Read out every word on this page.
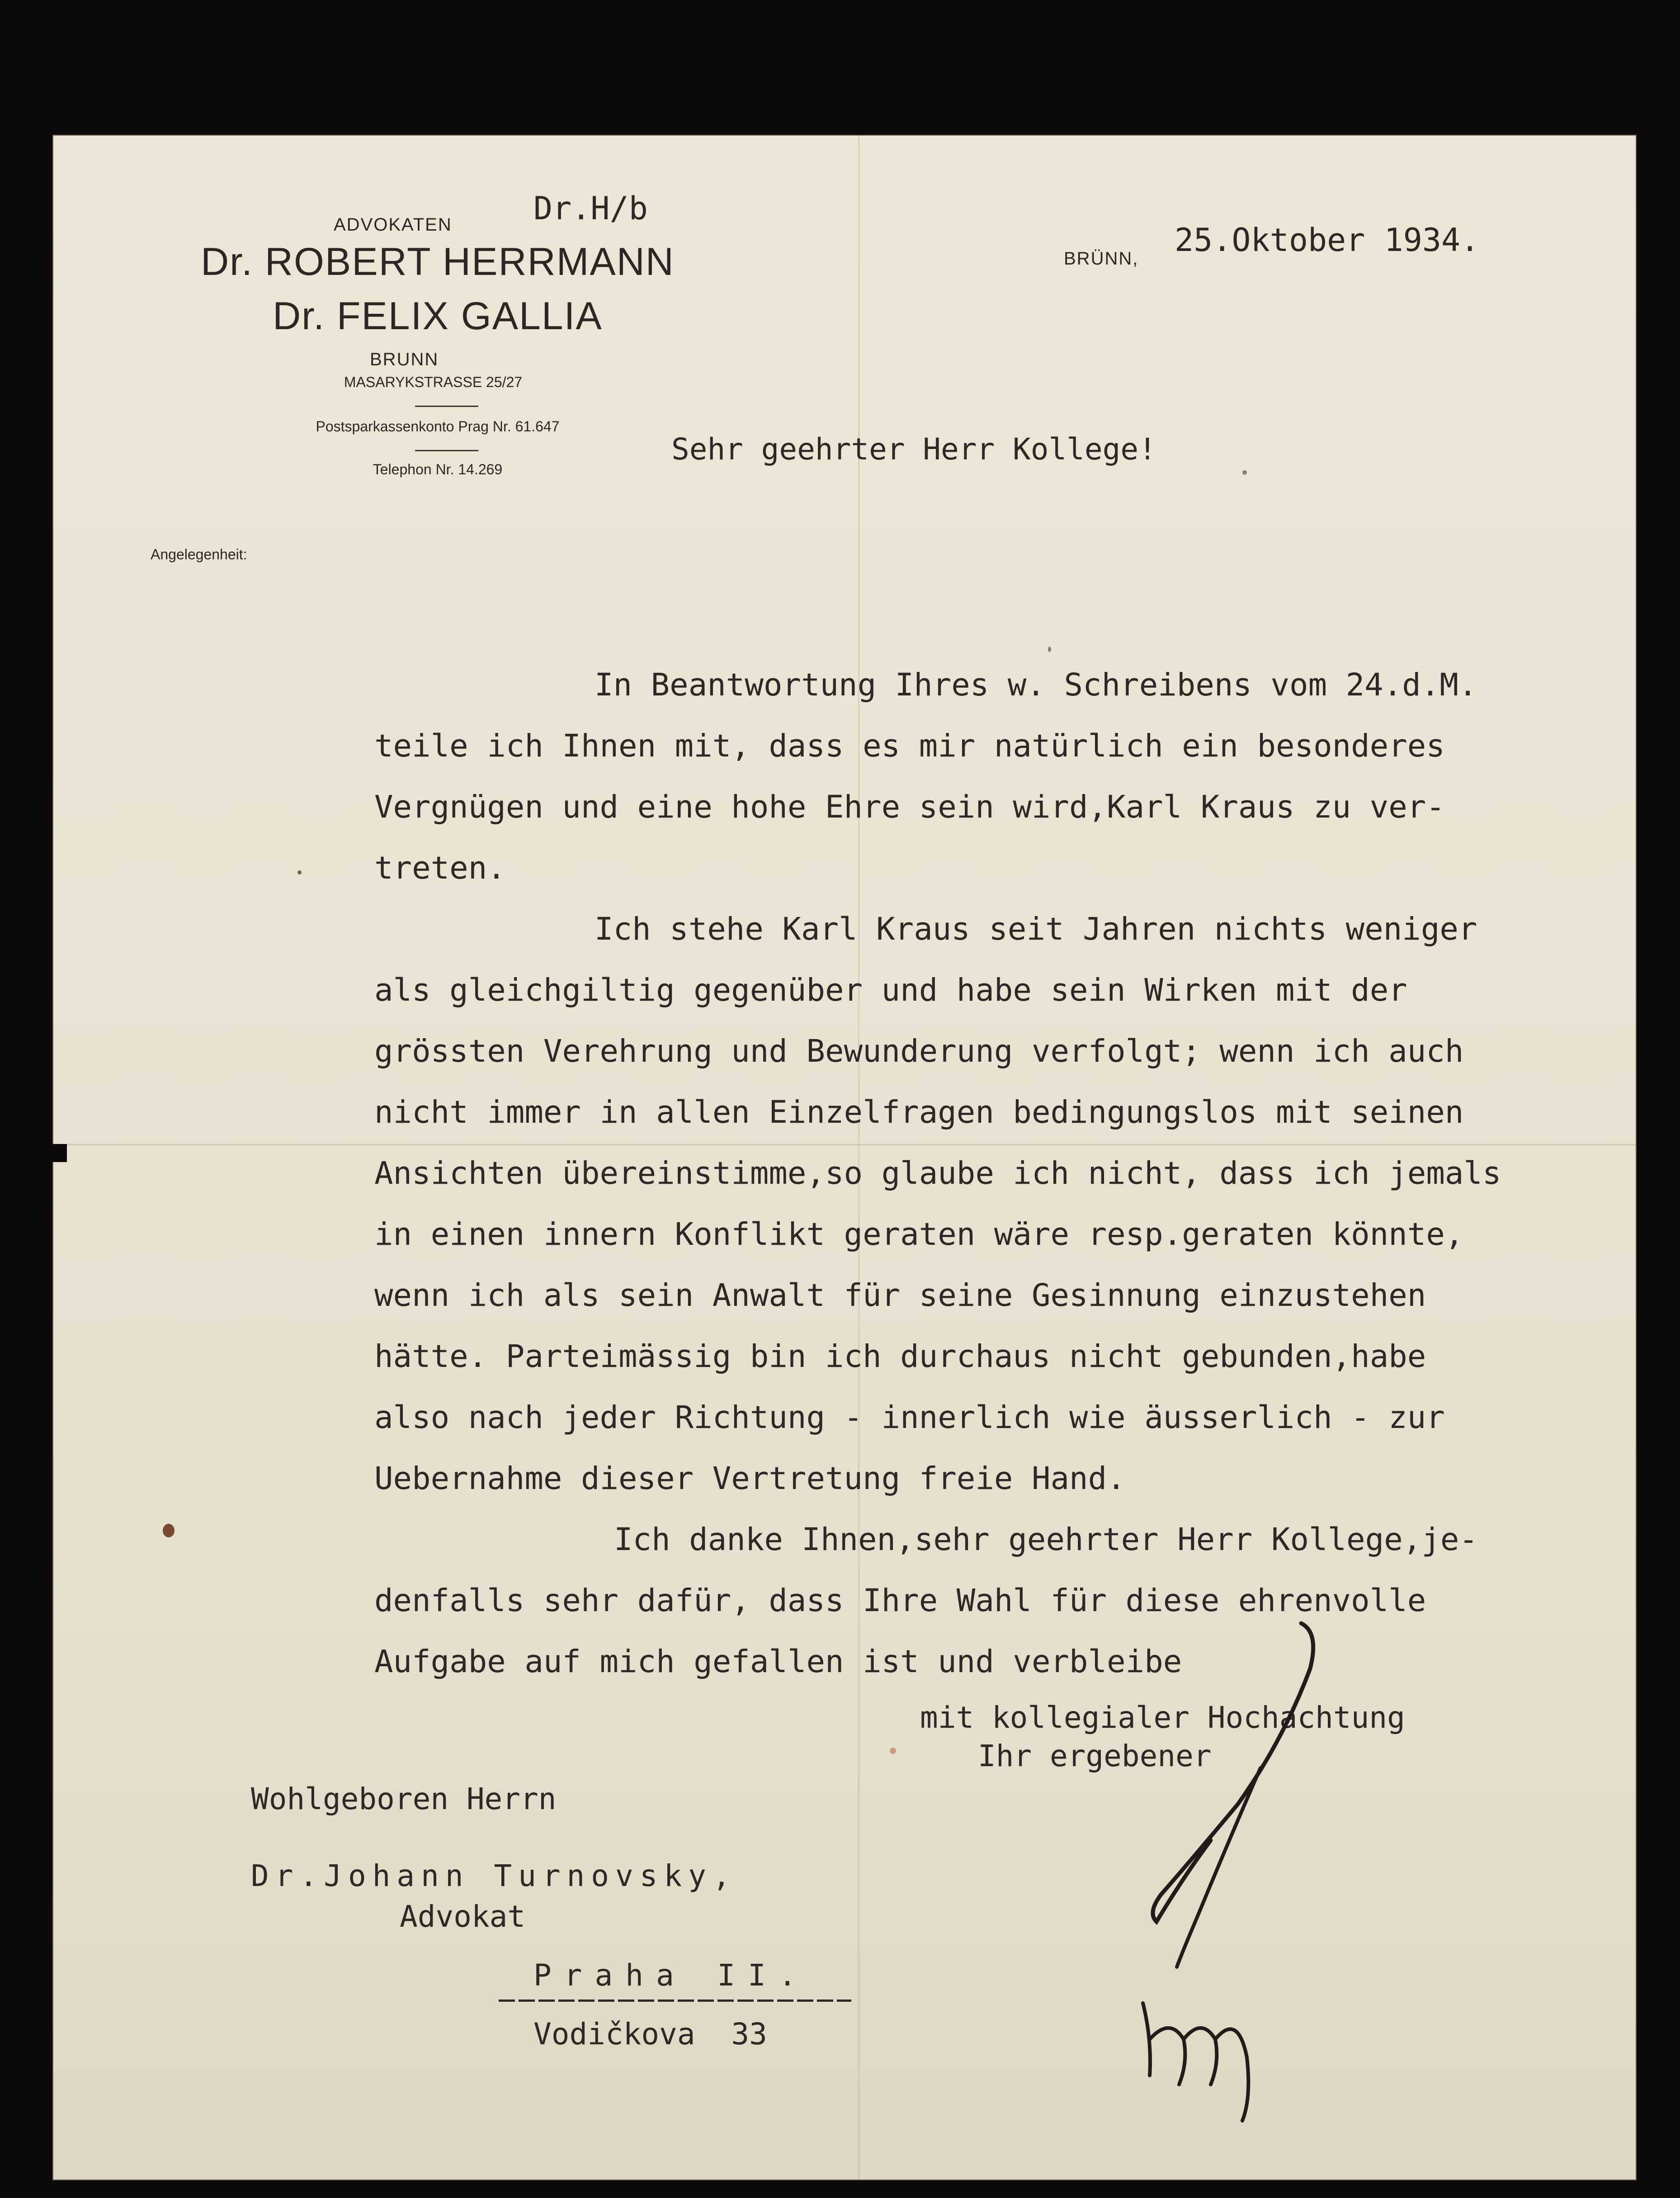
ADVOKATEN
Dr. ROBERT HERRMANN
Dr. FELIX GALLIA
BRUNN
MASARYKSTRASSE 25/27
Postsparkassenkonto Prag Nr. 61.647
Telephon Nr. 14.269
Angelegenheit:
BRÜNN,
Dr.H/b
25.Oktober 1934.
Sehr geehrter Herr Kollege!
In Beantwortung Ihres w. Schreibens vom 24.d.M.
teile ich Ihnen mit, dass es mir natürlich ein besonderes
Vergnügen und eine hohe Ehre sein wird,Karl Kraus zu ver-
treten.
Ich stehe Karl Kraus seit Jahren nichts weniger
als gleichgiltig gegenüber und habe sein Wirken mit der
grössten Verehrung und Bewunderung verfolgt; wenn ich auch
nicht immer in allen Einzelfragen bedingungslos mit seinen
Ansichten übereinstimme,so glaube ich nicht, dass ich jemals
in einen innern Konflikt geraten wäre resp.geraten könnte,
wenn ich als sein Anwalt für seine Gesinnung einzustehen
hätte. Parteimässig bin ich durchaus nicht gebunden,habe
also nach jeder Richtung - innerlich wie äusserlich - zur
Uebernahme dieser Vertretung freie Hand.
Ich danke Ihnen,sehr geehrter Herr Kollege,je-
denfalls sehr dafür, dass Ihre Wahl für diese ehrenvolle
Aufgabe auf mich gefallen ist und verbleibe
mit kollegialer Hochachtung
Ihr ergebener
Wohlgeboren Herrn
Dr.Johann Turnovsky,
Advokat
Praha II.
Vodičkova 33
